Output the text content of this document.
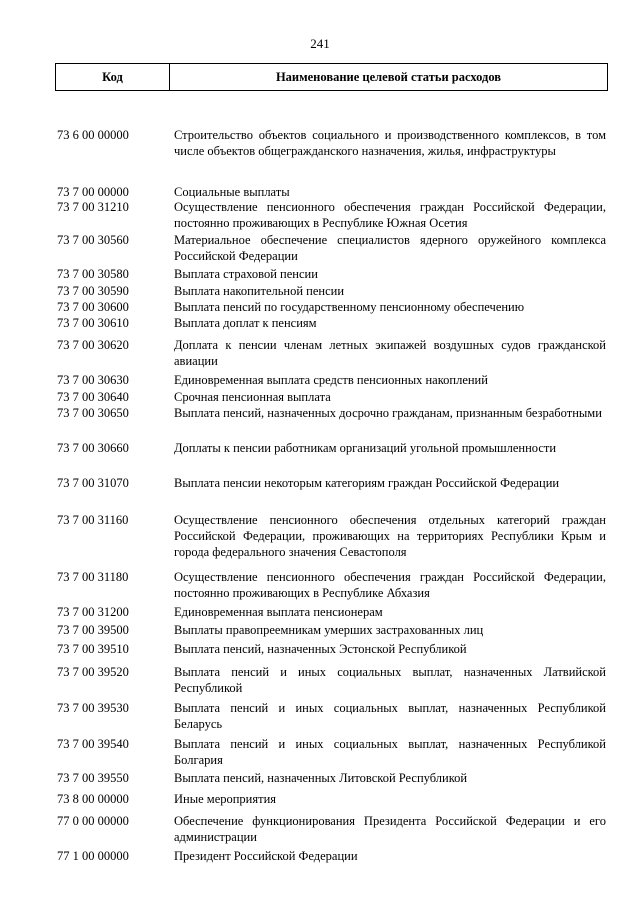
241
Код	Наименование целевой статьи расходов
73 6 00 00000	Строительство объектов социального и производственного комплексов, в том числе объектов общегражданского назначения, жилья, инфраструктуры
73 7 00 00000	Социальные выплаты
73 7 00 31210	Осуществление пенсионного обеспечения граждан Российской Федерации, постоянно проживающих в Республике Южная Осетия
73 7 00 30560	Материальное обеспечение специалистов ядерного оружейного комплекса Российской Федерации
73 7 00 30580	Выплата страховой пенсии
73 7 00 30590	Выплата накопительной пенсии
73 7 00 30600	Выплата пенсий по государственному пенсионному обеспечению
73 7 00 30610	Выплата доплат к пенсиям
73 7 00 30620	Доплата к пенсии членам летных экипажей воздушных судов гражданской авиации
73 7 00 30630	Единовременная выплата средств пенсионных накоплений
73 7 00 30640	Срочная пенсионная выплата
73 7 00 30650	Выплата пенсий, назначенных досрочно гражданам, признанным безработными
73 7 00 30660	Доплаты к пенсии работникам организаций угольной промышленности
73 7 00 31070	Выплата пенсии некоторым категориям граждан Российской Федерации
73 7 00 31160	Осуществление пенсионного обеспечения отдельных категорий граждан Российской Федерации, проживающих на территориях Республики Крым и города федерального значения Севастополя
73 7 00 31180	Осуществление пенсионного обеспечения граждан Российской Федерации, постоянно проживающих в Республике Абхазия
73 7 00 31200	Единовременная выплата пенсионерам
73 7 00 39500	Выплаты правопреемникам умерших застрахованных лиц
73 7 00 39510	Выплата пенсий, назначенных Эстонской Республикой
73 7 00 39520	Выплата пенсий и иных социальных выплат, назначенных Латвийской Республикой
73 7 00 39530	Выплата пенсий и иных социальных выплат, назначенных Республикой Беларусь
73 7 00 39540	Выплата пенсий и иных социальных выплат, назначенных Республикой Болгария
73 7 00 39550	Выплата пенсий, назначенных Литовской Республикой
73 8 00 00000	Иные мероприятия
77 0 00 00000	Обеспечение функционирования Президента Российской Федерации и его администрации
77 1 00 00000	Президент Российской Федерации
